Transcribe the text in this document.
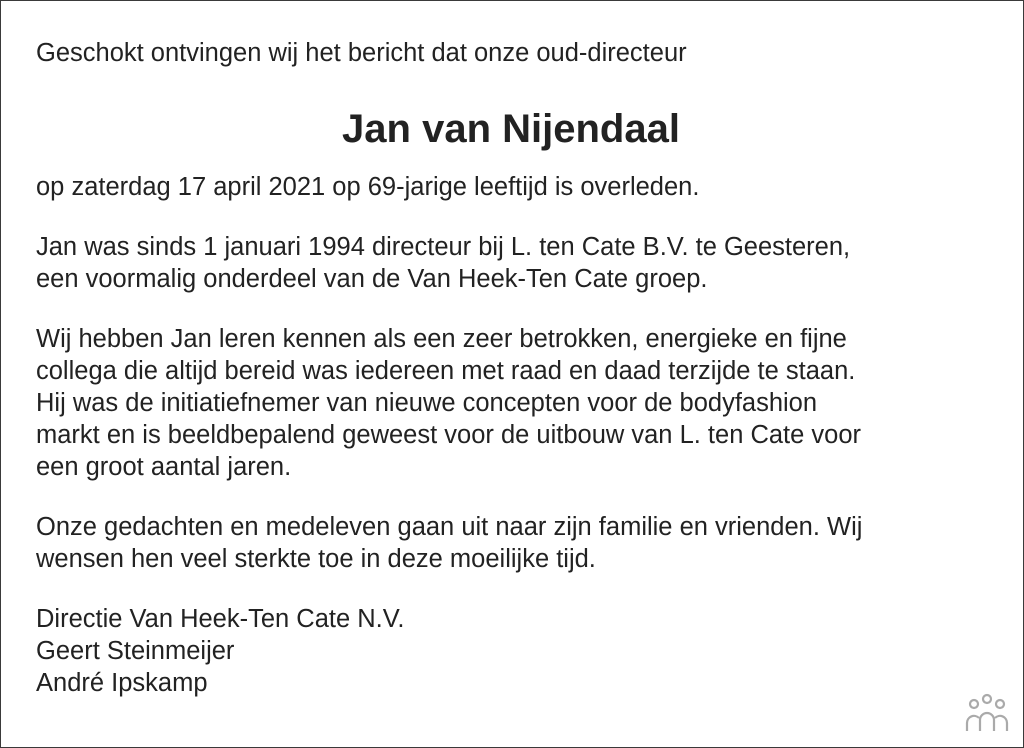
Geschokt ontvingen wij het bericht dat onze oud-directeur

Jan van Nijendaal

op zaterdag 17 april 2021 op 69-jarige leeftijd is overleden.

Jan was sinds 1 januari 1994 directeur bij L. ten Cate B.V. te Geesteren,

een voormalig onderdeel van de Van Heek-Ten Cate groep.

Wij hebben Jan leren kennen als een zeer betrokken, energieke en fijne

collega die altijd bereid was iedereen met raad en daad terzijde te staan.

Hij was de initiatiefnemer van nieuwe concepten voor de bodyfashion

markt en is beeldbepalend geweest voor de uitbouw van L. ten Cate voor

een groot aantal jaren.

Onze gedachten en medeleven gaan uit naar zijn familie en vrienden. Wij

wensen hen veel sterkte toe in deze moeilijke tijd.

Directie Van Heek-Ten Cate N.V.

Geert Steinmeijer

André Ipskamp
